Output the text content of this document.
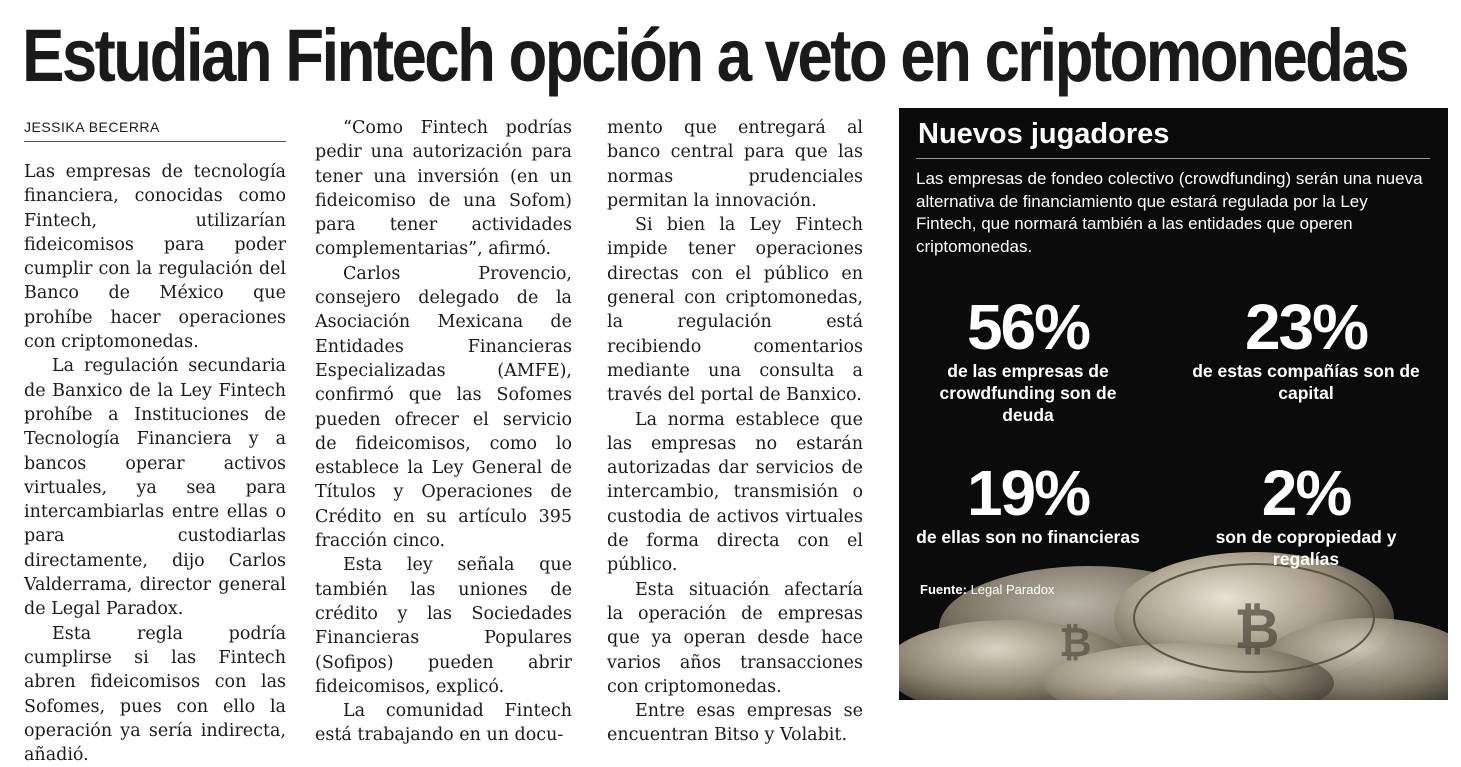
Estudian Fintech opción a veto en criptomonedas
JESSIKA BECERRA

Las empresas de tecnología financiera, conocidas como Fintech, utilizarían fideicomisos para poder cumplir con la regulación del Banco de México que prohíbe hacer operaciones con criptomonedas.

La regulación secundaria de Banxico de la Ley Fintech prohíbe a Instituciones de Tecnología Financiera y a bancos operar activos virtuales, ya sea para intercambiarlas entre ellas o para custodiarlas directamente, dijo Carlos Valderrama, director general de Legal Paradox.

Esta regla podría cumplirse si las Fintech abren fideicomisos con las Sofomes, pues con ello la operación ya sería indirecta, añadió.

“Como Fintech podrías pedir una autorización para tener una inversión (en un fideicomiso de una Sofom) para tener actividades complementarias”, afirmó.

Carlos Provencio, consejero delegado de la Asociación Mexicana de Entidades Financieras Especializadas (AMFE), confirmó que las Sofomes pueden ofrecer el servicio de fideicomisos, como lo establece la Ley General de Títulos y Operaciones de Crédito en su artículo 395 fracción cinco.

Esta ley señala que también las uniones de crédito y las Sociedades Financieras Populares (Sofipos) pueden abrir fideicomisos, explicó.

La comunidad Fintech está trabajando en un docu-

mento que entregará al banco central para que las normas prudenciales permitan la innovación.

Si bien la Ley Fintech impide tener operaciones directas con el público en general con criptomonedas, la regulación está recibiendo comentarios mediante una consulta a través del portal de Banxico.

La norma establece que las empresas no estarán autorizadas dar servicios de intercambio, transmisión o custodia de activos virtuales de forma directa con el público.

Esta situación afectaría la operación de empresas que ya operan desde hace varios años transacciones con criptomonedas.

Entre esas empresas se encuentran Bitso y Volabit.

₿
₿
Nuevos jugadores
Las empresas de fondeo colectivo (crowdfunding) serán una nueva alternativa de financiamiento que estará regulada por la Ley Fintech, que normará también a las entidades que operen criptomonedas.
56%
de las empresas de crowdfunding son de deuda
23%
de estas compañías son de capital
19%
de ellas son no financieras
2%
son de copropiedad y regalías
Fuente: Legal Paradox
